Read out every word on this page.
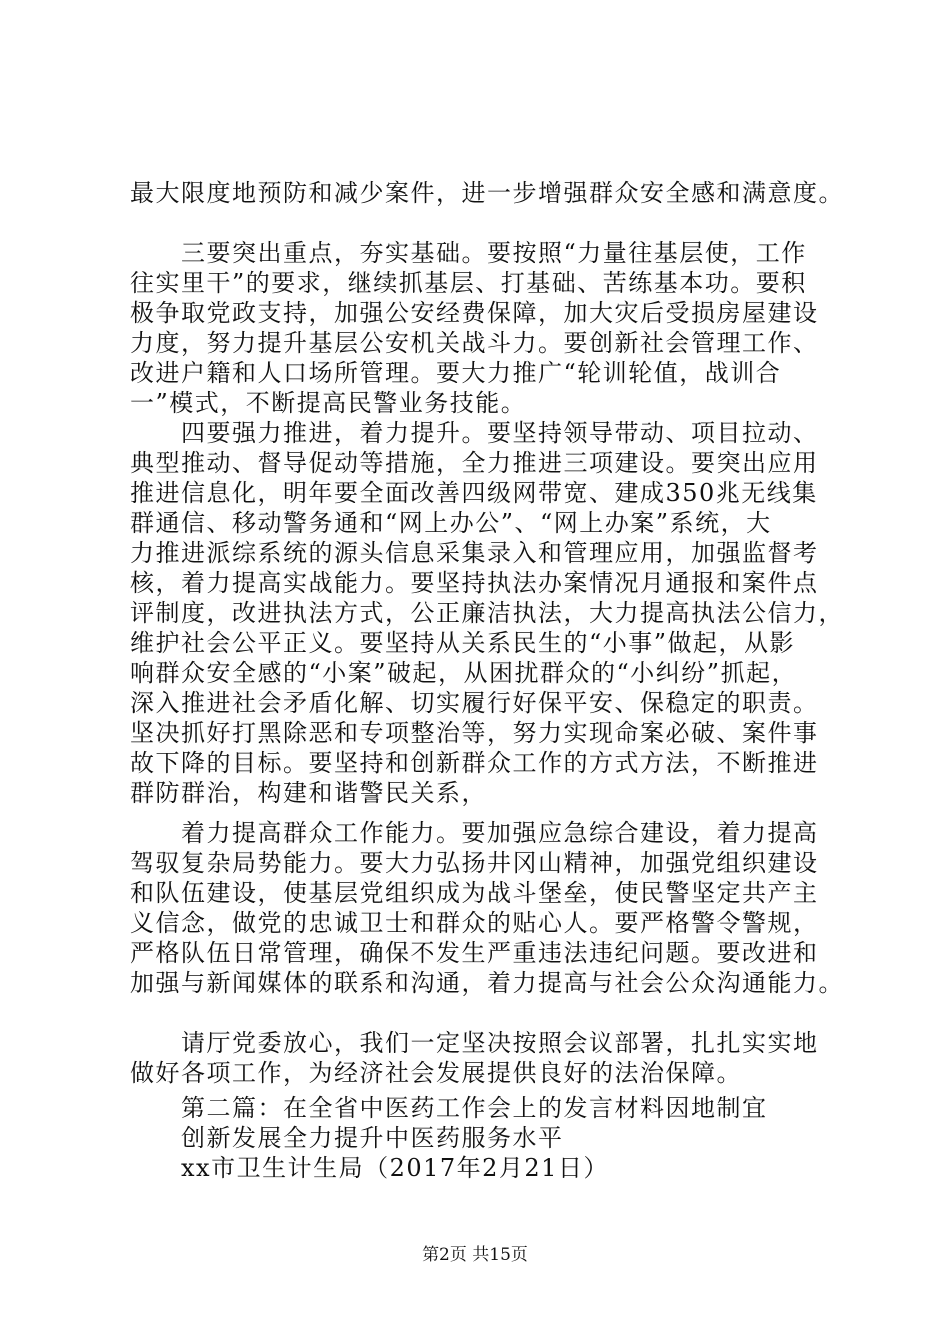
最大限度地预防和减少案件，进一步增强群众安全感和满意度。
　　三要突出重点，夯实基础。要按照“力量往基层使，工作
往实里干”的要求，继续抓基层、打基础、苦练基本功。要积
极争取党政支持，加强公安经费保障，加大灾后受损房屋建设
力度，努力提升基层公安机关战斗力。要创新社会管理工作、
改进户籍和人口场所管理。要大力推广“轮训轮值，战训合
一”模式，不断提高民警业务技能。
　　四要强力推进，着力提升。要坚持领导带动、项目拉动、
典型推动、督导促动等措施，全力推进三项建设。要突出应用
推进信息化，明年要全面改善四级网带宽、建成350兆无线集
群通信、移动警务通和“网上办公”、“网上办案”系统，大
力推进派综系统的源头信息采集录入和管理应用，加强监督考
核，着力提高实战能力。要坚持执法办案情况月通报和案件点
评制度，改进执法方式，公正廉洁执法，大力提高执法公信力，
维护社会公平正义。要坚持从关系民生的“小事”做起，从影
响群众安全感的“小案”破起，从困扰群众的“小纠纷”抓起，
深入推进社会矛盾化解、切实履行好保平安、保稳定的职责。
坚决抓好打黑除恶和专项整治等，努力实现命案必破、案件事
故下降的目标。要坚持和创新群众工作的方式方法，不断推进
群防群治，构建和谐警民关系，
　　着力提高群众工作能力。要加强应急综合建设，着力提高
驾驭复杂局势能力。要大力弘扬井冈山精神，加强党组织建设
和队伍建设，使基层党组织成为战斗堡垒，使民警坚定共产主
义信念，做党的忠诚卫士和群众的贴心人。要严格警令警规，
严格队伍日常管理，确保不发生严重违法违纪问题。要改进和
加强与新闻媒体的联系和沟通，着力提高与社会公众沟通能力。
　　请厅党委放心，我们一定坚决按照会议部署，扎扎实实地
做好各项工作，为经济社会发展提供良好的法治保障。
　　第二篇：在全省中医药工作会上的发言材料因地制宜
　　创新发展全力提升中医药服务水平
　　xx市卫生计生局（2017年2月21日）
第2页 共15页
